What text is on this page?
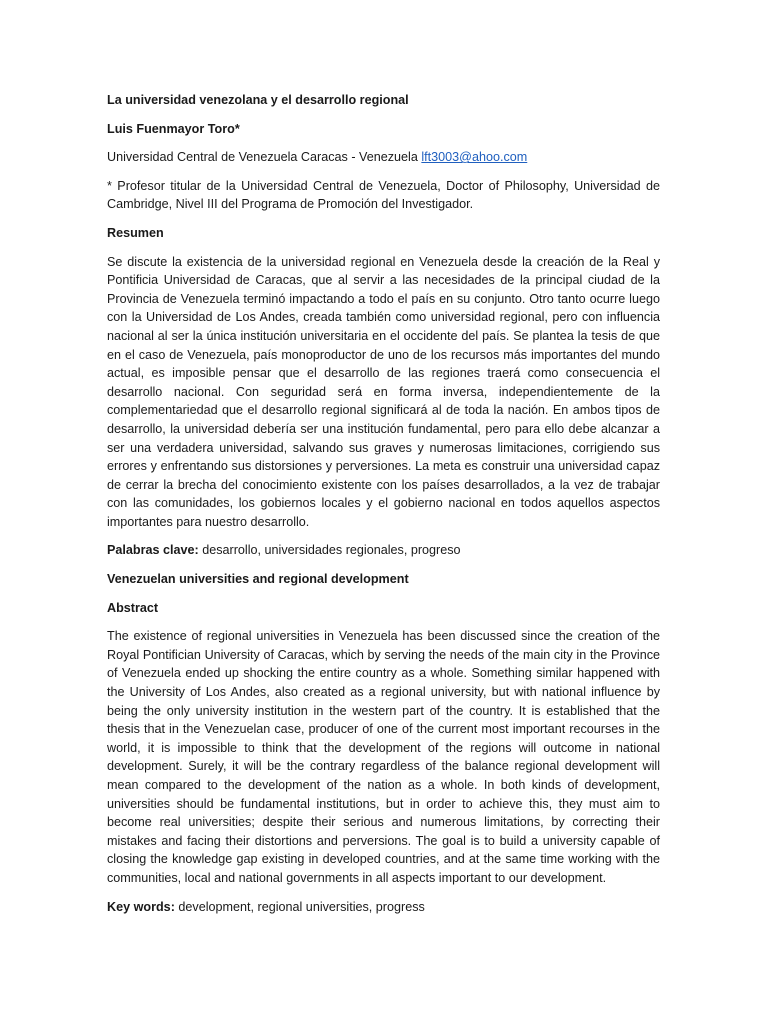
La universidad venezolana y el desarrollo regional
Luis Fuenmayor Toro*
Universidad Central de Venezuela Caracas - Venezuela lft3003@ahoo.com
* Profesor titular de la Universidad Central de Venezuela, Doctor of Philosophy, Universidad de Cambridge, Nivel III del Programa de Promoción del Investigador.
Resumen
Se discute la existencia de la universidad regional en Venezuela desde la creación de la Real y Pontificia Universidad de Caracas, que al servir a las necesidades de la principal ciudad de la Provincia de Venezuela terminó impactando a todo el país en su conjunto. Otro tanto ocurre luego con la Universidad de Los Andes, creada también como universidad regional, pero con influencia nacional al ser la única institución universitaria en el occidente del país. Se plantea la tesis de que en el caso de Venezuela, país monoproductor de uno de los recursos más importantes del mundo actual, es imposible pensar que el desarrollo de las regiones traerá como consecuencia el desarrollo nacional. Con seguridad será en forma inversa, independientemente de la complementariedad que el desarrollo regional significará al de toda la nación. En ambos tipos de desarrollo, la universidad debería ser una institución fundamental, pero para ello debe alcanzar a ser una verdadera universidad, salvando sus graves y numerosas limitaciones, corrigiendo sus errores y enfrentando sus distorsiones y perversiones. La meta es construir una universidad capaz de cerrar la brecha del conocimiento existente con los países desarrollados, a la vez de trabajar con las comunidades, los gobiernos locales y el gobierno nacional en todos aquellos aspectos importantes para nuestro desarrollo.
Palabras clave: desarrollo, universidades regionales, progreso
Venezuelan universities and regional development
Abstract
The existence of regional universities in Venezuela has been discussed since the creation of the Royal Pontifician University of Caracas, which by serving the needs of the main city in the Province of Venezuela ended up shocking the entire country as a whole. Something similar happened with the University of Los Andes, also created as a regional university, but with national influence by being the only university institution in the western part of the country. It is established that the thesis that in the Venezuelan case, producer of one of the current most important recourses in the world, it is impossible to think that the development of the regions will outcome in national development. Surely, it will be the contrary regardless of the balance regional development will mean compared to the development of the nation as a whole. In both kinds of development, universities should be fundamental institutions, but in order to achieve this, they must aim to become real universities; despite their serious and numerous limitations, by correcting their mistakes and facing their distortions and perversions. The goal is to build a university capable of closing the knowledge gap existing in developed countries, and at the same time working with the communities, local and national governments in all aspects important to our development.
Key words: development, regional universities, progress
